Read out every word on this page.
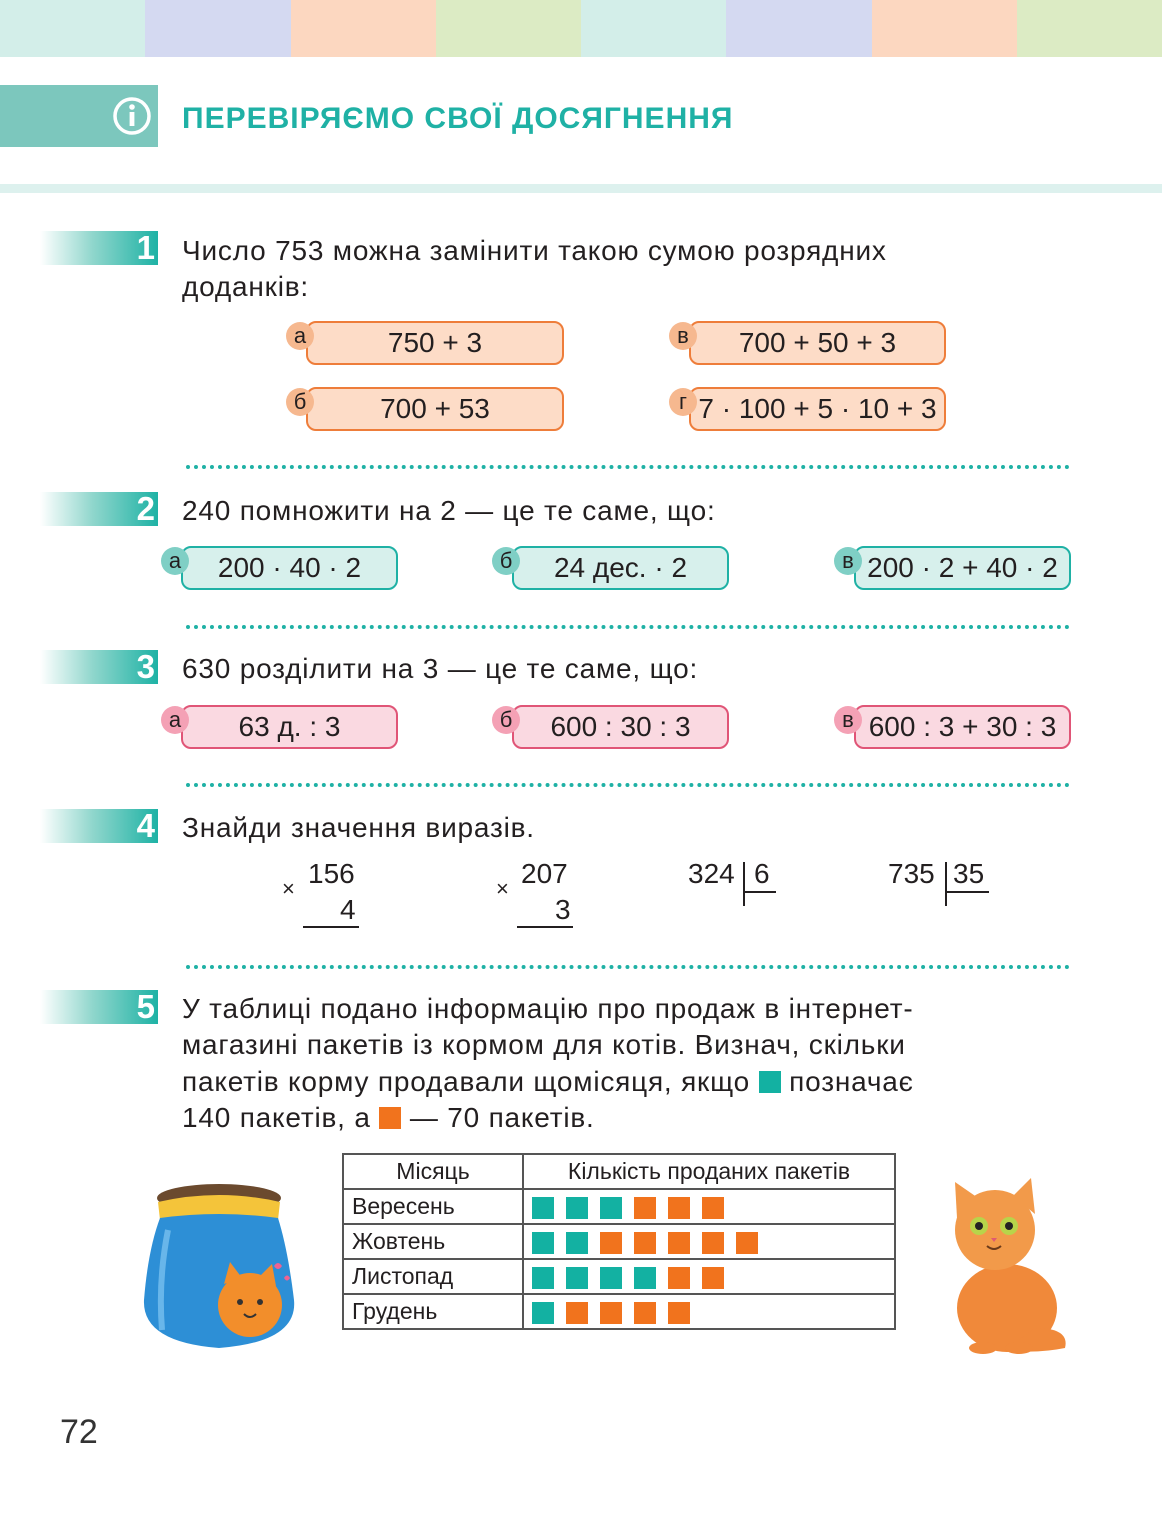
ПЕРЕВІРЯЄМО СВОЇ ДОСЯГНЕННЯ
1 Число 753 можна замінити такою сумою розрядних
доданків:
750 + 3
а
700 + 53
б
700 + 50 + 3
в
7 · 100 + 5 · 10 + 3
г
2 240 помножити на 2 — це те саме, що:
200 · 40 · 2
а	24 дес. · 2
б	200 · 2 + 40 · 2
в
3 630 розділити на 3 — це те саме, що:
63 д. : 3
а	600 : 30 : 3
б	600 : 3 + 30 : 3
в
4 Знайди значення виразів.
× 156
4
× 207
3
324 6	735 35
5 У таблиці подано інформацію про продаж в інтернет-
магазині пакетів із кормом для котів. Визнач, скільки
пакетів корму продавали щомісяця, якщо позначає
140 пакетів, а — 70 пакетів.
Місяць	Кількість проданих пакетів
Вересень	
Жовтень	
Листопад	
Грудень	
72
